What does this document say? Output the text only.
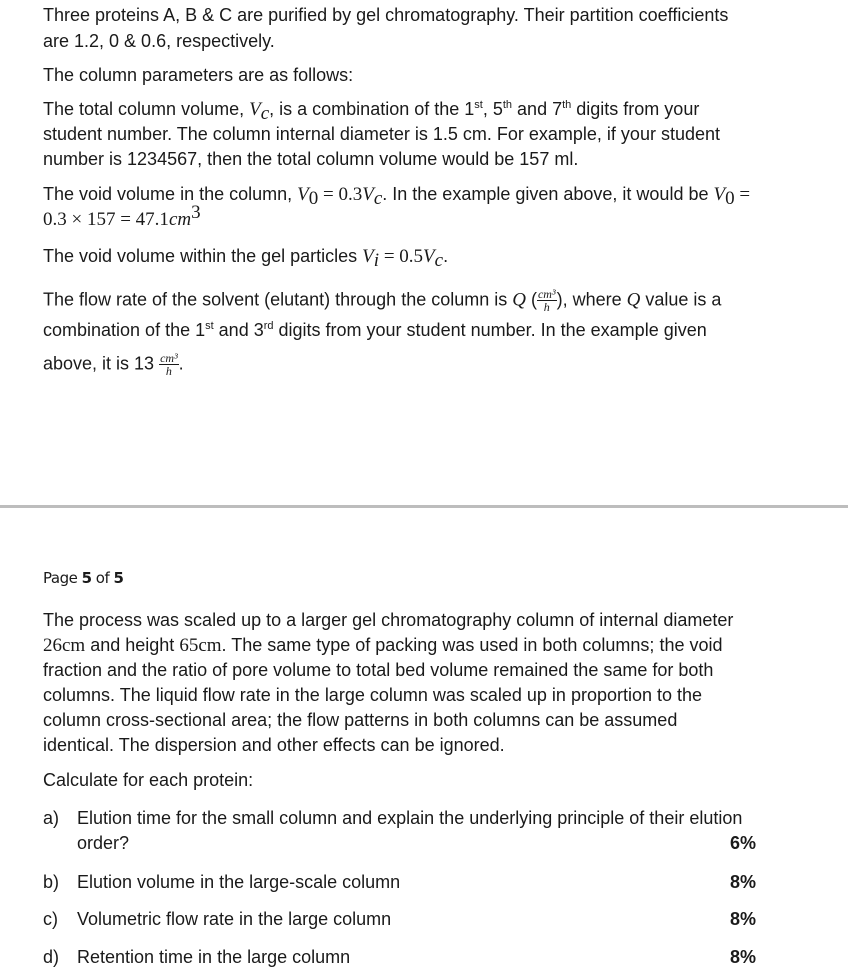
Three proteins A, B & C are purified by gel chromatography. Their partition coefficients
are 1.2, 0 & 0.6, respectively.
The column parameters are as follows:
The total column volume, $V_c$, is a combination of the 1st, 5th and 7th digits from your
student number. The column internal diameter is 1.5 cm. For example, if your student
number is 1234567, then the total column volume would be 157 ml.
The void volume in the column, $V_0 = 0.3V_c$. In the example given above, it would be $V_0$ =
$0.3 \times 157 = 47.1cm^3$
The void volume within the gel particles $V_i = 0.5V_c$.
The flow rate of the solvent (elutant) through the column is Q ( $\frac{\text{cm³}}{h}$ ), where Q value is a
combination of the 1st and 3rd digits from your student number. In the example given
above, it is $13 \frac{\text{cm³}}{h}$ .
Page 5 of 5
The process was scaled up to a larger gel chromatography column of internal diameter
26cm and height 65cm. The same type of packing was used in both columns; the void
fraction and the ratio of pore volume to total bed volume remained the same for both
columns. The liquid flow rate in the large column was scaled up in proportion to the
column cross-sectional area; the flow patterns in both columns can be assumed
identical. The dispersion and other effects can be ignored.
Calculate for each protein:
a) Elution time for the small column and explain the underlying principle of their elution
order?	6%
b) Elution volume in the large-scale column	8%
c) Volumetric flow rate in the large column	8%
d) Retention time in the large column	8%
